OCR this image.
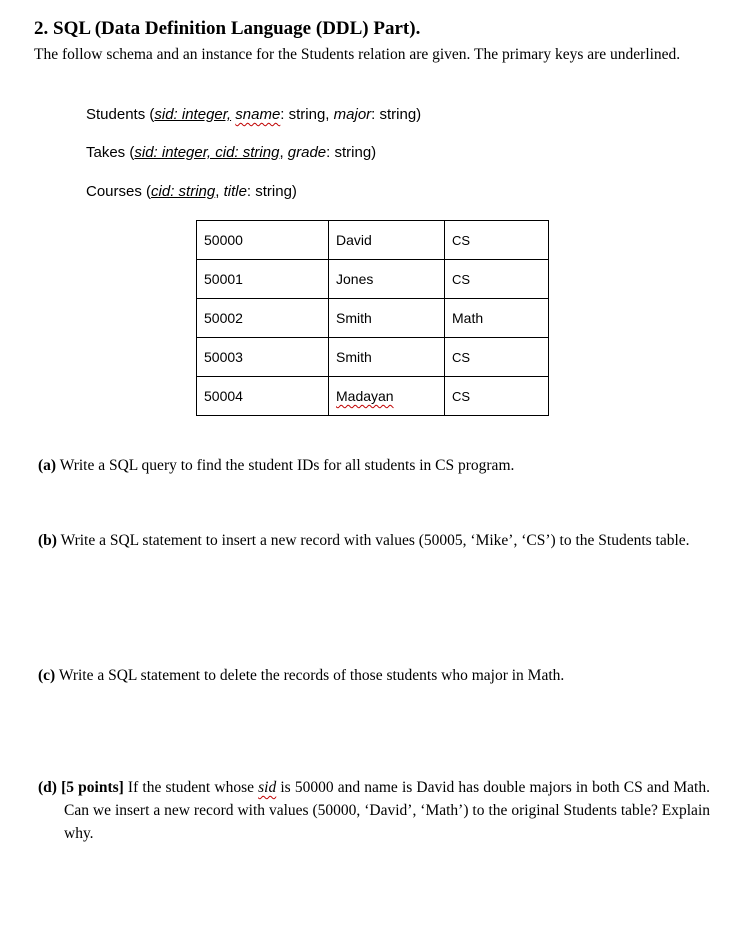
2. SQL (Data Definition Language (DDL) Part).
The follow schema and an instance for the Students relation are given. The primary keys are underlined.
Students (sid: integer, sname: string, major: string)
Takes (sid: integer, cid: string, grade: string)
Courses (cid: string, title: string)
50000	David	CS
50001	Jones	CS
50002	Smith	Math
50003	Smith	CS
50004	Madayan	CS
(a) Write a SQL query to find the student IDs for all students in CS program.
(b) Write a SQL statement to insert a new record with values (50005, ‘Mike’, ‘CS’) to the Students table.
(c) Write a SQL statement to delete the records of those students who major in Math.
(d) [5 points] If the student whose sid is 50000 and name is David has double majors in both CS and Math. Can we insert a new record with values (50000, ‘David’, ‘Math’) to the original Students table? Explain why.
